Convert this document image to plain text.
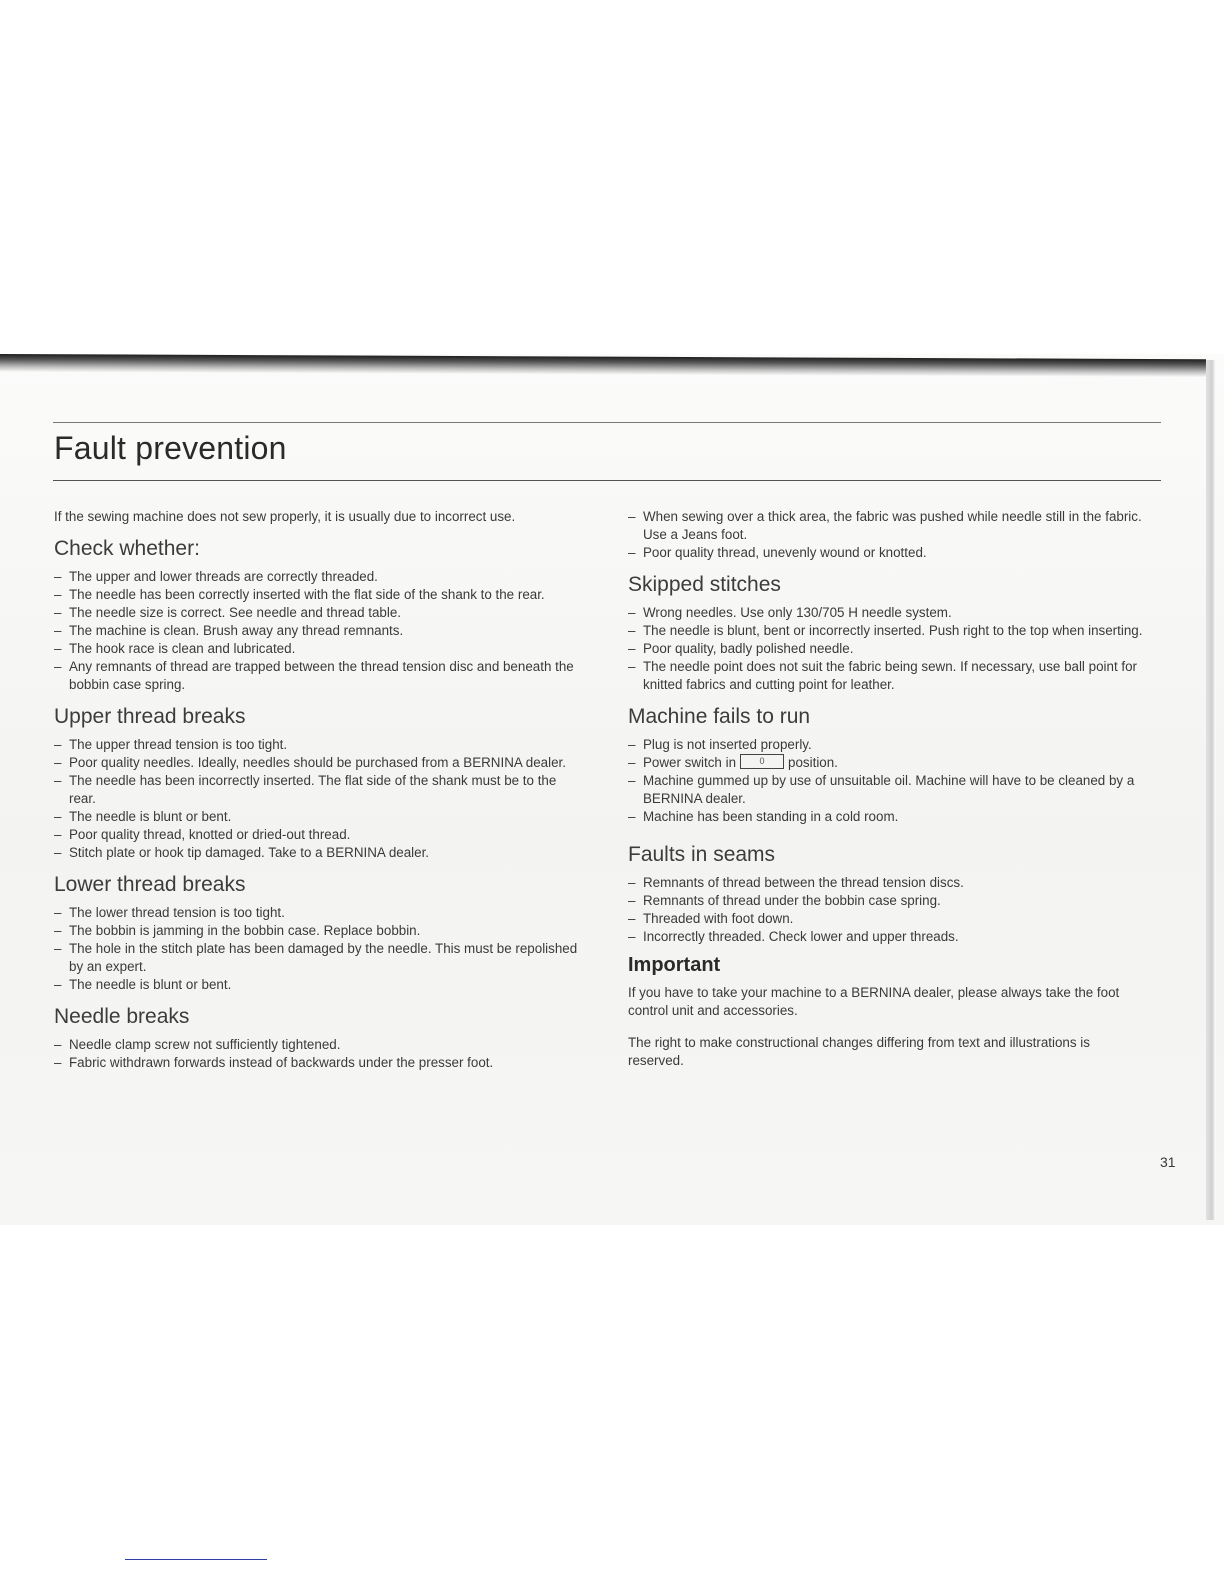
Fault prevention

If the sewing machine does not sew properly, it is usually due to incorrect use.

Check whether:
– The upper and lower threads are correctly threaded.
– The needle has been correctly inserted with the flat side of the shank to the rear.
– The needle size is correct. See needle and thread table.
– The machine is clean. Brush away any thread remnants.
– The hook race is clean and lubricated.
– Any remnants of thread are trapped between the thread tension disc and beneath the bobbin case spring.
Upper thread breaks
– The upper thread tension is too tight.
– Poor quality needles. Ideally, needles should be purchased from a BERNINA dealer.
– The needle has been incorrectly inserted. The flat side of the shank must be to the rear.
– The needle is blunt or bent.
– Poor quality thread, knotted or dried-out thread.
– Stitch plate or hook tip damaged. Take to a BERNINA dealer.
Lower thread breaks
– The lower thread tension is too tight.
– The bobbin is jamming in the bobbin case. Replace bobbin.
– The hole in the stitch plate has been damaged by the needle. This must be repolished by an expert.
– The needle is blunt or bent.
Needle breaks
– Needle clamp screw not sufficiently tightened.
– Fabric withdrawn forwards instead of backwards under the presser foot.
– When sewing over a thick area, the fabric was pushed while needle still in the fabric. Use a Jeans foot.
– Poor quality thread, unevenly wound or knotted.
Skipped stitches
– Wrong needles. Use only 130/705 H needle system.
– The needle is blunt, bent or incorrectly inserted. Push right to the top when inserting.
– Poor quality, badly polished needle.
– The needle point does not suit the fabric being sewn. If necessary, use ball point for knitted fabrics and cutting point for leather.
Machine fails to run
– Plug is not inserted properly.
– Power switch in	0	position.
– Machine gummed up by use of unsuitable oil. Machine will have to be cleaned by a BERNINA dealer.
– Machine has been standing in a cold room.
Faults in seams
– Remnants of thread between the thread tension discs.
– Remnants of thread under the bobbin case spring.
– Threaded with foot down.
– Incorrectly threaded. Check lower and upper threads.
Important

If you have to take your machine to a BERNINA dealer, please always take the foot control unit and accessories.

The right to make constructional changes differing from text and illustrations is reserved.

31
